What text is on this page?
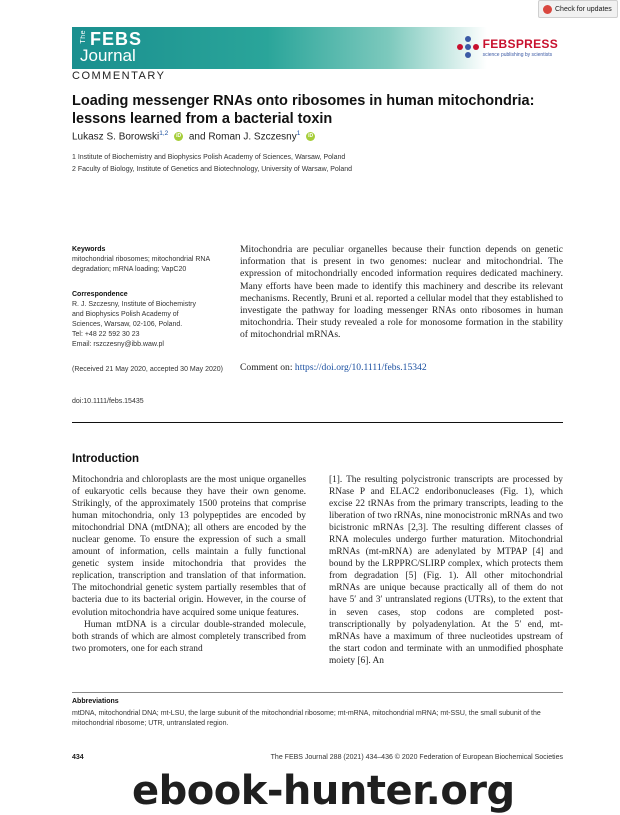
Check for updates
The FEBS
Journal
FEBSPRESS
science publishing by scientists
COMMENTARY
Loading messenger RNAs onto ribosomes in human mitochondria: lessons learned from a bacterial toxin
Lukasz S. Borowski$^{1,2}$ iD and Roman J. Szczesny$^1$ iD
1 Institute of Biochemistry and Biophysics Polish Academy of Sciences, Warsaw, Poland
2 Faculty of Biology, Institute of Genetics and Biotechnology, University of Warsaw, Poland
Keywords
mitochondrial ribosomes; mitochondrial RNA degradation; mRNA loading; VapC20
Correspondence
R. J. Szczesny, Institute of Biochemistry
and Biophysics Polish Academy of
Sciences, Warsaw, 02-106, Poland.
Tel: +48 22 592 30 23
Email: rszczesny@ibb.waw.pl
(Received 21 May 2020, accepted 30 May 2020)
doi:10.1111/febs.15435
Mitochondria are peculiar organelles because their function depends on genetic information that is present in two genomes: nuclear and mitochondrial. The expression of mitochondrially encoded information requires dedicated machinery. Many efforts have been made to identify this machinery and describe its relevant mechanisms. Recently, Bruni et al. reported a cellular model that they established to investigate the pathway for loading messenger RNAs onto ribosomes in human mitochondria. Their study revealed a role for monosome formation in the stability of mitochondrial mRNAs.
Comment on: https://doi.org/10.1111/febs.15342
Introduction

Mitochondria and chloroplasts are the most unique organelles of eukaryotic cells because they have their own genome. Strikingly, of the approximately 1500 proteins that comprise human mitochondria, only 13 polypeptides are encoded by mitochondrial DNA (mtDNA); all others are encoded by the nuclear genome. To ensure the expression of such a small amount of information, cells maintain a fully functional genetic system inside mitochondria that provides the replication, transcription and translation of that information. The mitochondrial genetic system partially resembles that of bacteria due to its bacterial origin. However, in the course of evolution mitochondria have acquired some unique features.

Human mtDNA is a circular double-stranded molecule, both strands of which are almost completely transcribed from two promoters, one for each strand

[1]. The resulting polycistronic transcripts are processed by RNase P and ELAC2 endoribonucleases (Fig. 1), which excise 22 tRNAs from the primary transcripts, leading to the liberation of two rRNAs, nine monocistronic mRNAs and two bicistronic mRNAs [2,3]. The resulting different classes of RNA molecules undergo further maturation. Mitochondrial mRNAs (mt-mRNA) are adenylated by MTPAP [4] and bound by the LRPPRC/SLIRP complex, which protects them from degradation [5] (Fig. 1). All other mitochondrial mRNAs are unique because practically all of them do not have 5′ and 3′ untranslated regions (UTRs), to the extent that in seven cases, stop codons are completed post-transcriptionally by polyadenylation. At the 5′ end, mt-mRNAs have a maximum of three nucleotides upstream of the start codon and terminate with an unmodified phosphate moiety [6]. An

Abbreviations
mtDNA, mitochondrial DNA; mt-LSU, the large subunit of the mitochondrial ribosome; mt-mRNA, mitochondrial mRNA; mt-SSU, the small subunit of the mitochondrial ribosome; UTR, untranslated region.
434	The FEBS Journal 288 (2021) 434–436 © 2020 Federation of European Biochemical Societies
ebook-hunter.org
